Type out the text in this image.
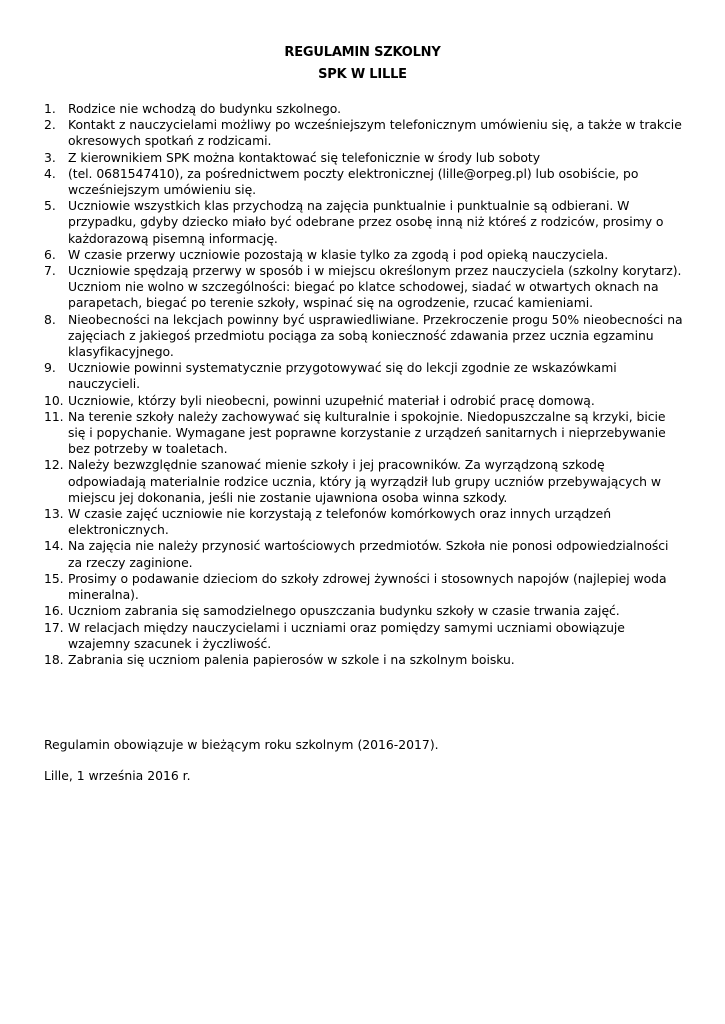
REGULAMIN SZKOLNY
SPK W LILLE
1. Rodzice nie wchodzą do budynku szkolnego.
2. Kontakt z nauczycielami możliwy po wcześniejszym telefonicznym umówieniu się, a także w trakcie okresowych spotkań z rodzicami.
3. Z kierownikiem SPK można kontaktować się telefonicznie w środy lub soboty
4. (tel. 0681547410), za pośrednictwem poczty elektronicznej (lille@orpeg.pl) lub osobiście, po wcześniejszym umówieniu się.
5. Uczniowie wszystkich klas przychodzą na zajęcia punktualnie i punktualnie są odbierani. W przypadku, gdyby dziecko miało być odebrane przez osobę inną niż któreś z rodziców, prosimy o każdorazową pisemną informację.
6. W czasie przerwy uczniowie pozostają w klasie tylko za zgodą i pod opieką nauczyciela.
7. Uczniowie spędzają przerwy w sposób i w miejscu określonym przez nauczyciela (szkolny korytarz). Uczniom nie wolno w szczególności: biegać po klatce schodowej, siadać w otwartych oknach na parapetach, biegać po terenie szkoły, wspinać się na ogrodzenie, rzucać kamieniami.
8. Nieobecności na lekcjach powinny być usprawiedliwiane. Przekroczenie progu 50% nieobecności na zajęciach z jakiegoś przedmiotu pociąga za sobą konieczność zdawania przez ucznia egzaminu klasyfikacyjnego.
9. Uczniowie powinni systematycznie przygotowywać się do lekcji zgodnie ze wskazówkami nauczycieli.
10. Uczniowie, którzy byli nieobecni, powinni uzupełnić materiał i odrobić pracę domową.
11. Na terenie szkoły należy zachowywać się kulturalnie i spokojnie. Niedopuszczalne są krzyki, bicie się i popychanie. Wymagane jest poprawne korzystanie z urządzeń sanitarnych i nieprzebywanie bez potrzeby w toaletach.
12. Należy bezwzględnie szanować mienie szkoły i jej pracowników. Za wyrządzoną szkodę odpowiadają materialnie rodzice ucznia, który ją wyrządził lub grupy uczniów przebywających w miejscu jej dokonania, jeśli nie zostanie ujawniona osoba winna szkody.
13. W czasie zajęć uczniowie nie korzystają z telefonów komórkowych oraz innych urządzeń elektronicznych.
14. Na zajęcia nie należy przynosić wartościowych przedmiotów. Szkoła nie ponosi odpowiedzialności za rzeczy zaginione.
15. Prosimy o podawanie dzieciom do szkoły zdrowej żywności i stosownych napojów (najlepiej woda mineralna).
16. Uczniom zabrania się samodzielnego opuszczania budynku szkoły w czasie trwania zajęć.
17. W relacjach między nauczycielami i uczniami oraz pomiędzy samymi uczniami obowiązuje wzajemny szacunek i życzliwość.
18. Zabrania się uczniom palenia papierosów w szkole i na szkolnym boisku.
Regulamin obowiązuje w bieżącym roku szkolnym (2016-2017).
Lille, 1 września 2016 r.
